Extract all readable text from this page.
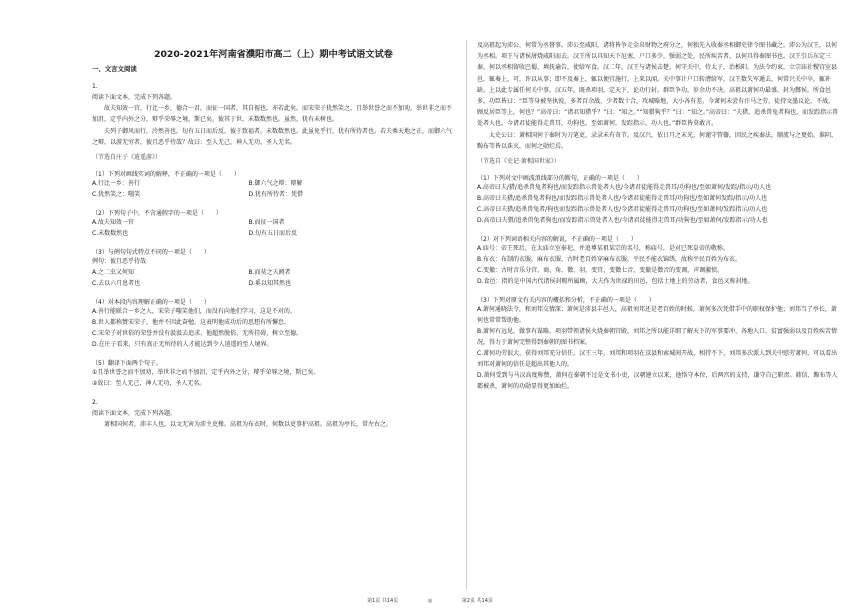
2020-2021年河南省濮阳市高二（上）期中考试语文试卷
一、文言文阅读
1.
阅读下面文本，完成下列各题。

故夫知效一官，行比一乡，德合一君，而征一国者，其自视也，亦若此矣。而宋荣子犹然笑之。且举世誉之而不加劝，举世非之而不加沮，定乎内外之分，辩乎荣辱之境，斯已矣。彼其于世，未数数然也。虽然，犹有未树也。

夫列子御风而行，泠然善也，旬有五日而后反。彼于致福者，未数数然也。此虽免乎行，犹有所待者也。若夫乘天地之正，而御六气之辩，以游无穷者，彼且恶乎待哉？故曰：至人无己，神人无功，圣人无名。

（节选自庄子《逍遥游》）
（1）下列对画线实词的解释，不正确的一项是（　　）
A.行比一乡：善行	B.御六气之辩：辩解
C.犹然笑之：嗤笑	D.犹有所待者：凭借
（2）下列句子中，不含通假字的一项是（　　）
A.故夫知效一官	B.而征一国者
C.未数数然也	D.旬有五日而后反
（3）与例句句式特点不同的一项是（　　）
例句：彼且恶乎待哉
A.之二虫又何知	B.而莫之夭阏者
C.去以六月息者也	D.奚以知其然也
（4）对本段内容理解正确的一项是（　　）
A.善行能联合一乡之人，宋荣子嗤笑他们，而没有向他们学习，这是不对的。
B.世人都称赞宋荣子，他并不因此奋勉，这表明他成功后的思想有所懈怠。
C.宋荣子对世俗的荣誉并没有汲汲去追求，他超然脱俗，无所挂碍，树立至德。
D.在庄子看来，只有真正无所待的人才能达到令人逍遥的至人境界。
（5）翻译下面两个句子。
①且举世誉之而不加劝，举世非之而不加沮，定乎内外之分，辩乎荣辱之境，斯已矣。
②故曰：至人无己，神人无功，圣人无名。
2.
阅读下面文本，完成下列各题。

萧相国何者，沛丰人也，以文无害为沛主吏掾。高祖为布衣时，何数以吏事护高祖。高祖为亭长，常左右之。

及高祖起为沛公，何常为丞督事。沛公至咸阳，诸将皆争走金帛财物之府分之，何独先入收秦丞相御史律令图书藏之。沛公为汉王，以何为丞相。项王与诸侯屠烧咸阳而去。汉王所以具知天下厄塞，户口多少，强弱之处，民所疾苦者，以何具得秦图书也。汉王引兵东定三秦，何以丞相留收巴蜀，填抚谕告，使给军食。汉二年，汉王与诸侯击楚，何守关中，侍太子，治栎阳。为法令约束，立宗庙社稷宫室县邑，辄奏上，可，许以从事；即不及奏上，辄以便宜施行，上来以闻。关中事计户口转漕给军，汉王数失军遁去，何常兴关中卒，辄补缺。上以此专属任何关中事。汉五年，既杀项羽，定天下，论功行封。群臣争功，岁余功不决。高祖以萧何功最盛，封为酂侯，所食邑多。功臣皆曰：“臣等身被坚执锐，多者百余战，少者数十合，攻城略地，大小各有差。今萧何未尝有汗马之劳，徒持文墨议论，不战，顾反居臣等上，何也？”高帝曰：“诸君知猎乎？”曰：“知之。”“知猎狗乎？”曰：“知之。”高帝曰：“夫猎，追杀兽兔者狗也，而发踪指示兽处者人也。今诸君徒能得走兽耳，功狗也。至如萧何，发踪指示，功人也。”群臣皆莫敢言。

太史公曰：萧相国何于秦时为刀笔吏，录录未有奇节。及汉兴，依日月之末光，何谨守管籥，因民之疾秦法，顺流与之更始。淮阴、黥布等皆以诛灭，而何之勋烂焉。

（节选自《史记·萧相国世家》）
（1）下列对文中画波浪线部分的断句，正确的一项是（　　）
A.高帝曰夫/猎/追杀兽兔者狗也/而发踪指示兽处者人也/今诸君徒能得走兽耳/功狗也/至如萧何/发踪/指示/功人也
B.高帝曰夫猎/追杀兽兔者狗也/而发踪指示兽处者人也/今诸君徒能得走兽耳/功狗也/至如萧何发踪/指示/功人也
C.高帝曰夫猎/追杀兽兔者/狗也而发踪指示兽处者人也/今诸君徒能得走兽耳/功狗也/至如萧何/发踪指示/功人也
D.高帝曰夫猎/追杀兽兔者狗也/而发踪指示兽处者人也/今诸君徒能得走兽耳/功狗也/至如萧何/发踪指示/功人也
（2）对下列词语相关内容的解说，不正确的一项是（　　）
A.庙号：帝王死后，在太庙立室奉祀，并追尊某祖某宗的名号，称庙号，是对已死皇帝的敬称。
B.布衣：布制的衣服，麻布衣服，古时老百姓穿麻布衣服，平民不能衣锦绣，故称平民百姓为布衣。
C.变撤：古时音乐分宫、商、角、徵、羽，变宫、变徵七音，变撤是徵音的变调，声调激愤。
D.食邑：指的是中国古代诸侯封赐所属顾，大夫作为世禄的田邑，包括土地上的劳动者，食邑又称封地。
（3）下列对原文有关内容的概括和分析，不正确的一项是（　　）
A.萧何通晓法令，和刘邦交情深；萧何是沛县丰邑人，高祖刘邦还是老百姓的时候，萧何多次凭借手中的职权保护他；刘邦当了亭长，萧何也常常帮助他。
B.萧何有远见，做事有谋略。项羽带领诸侯火烧秦朝宫殿，刘邦之所以能详细了解天下的军事要冲、各地人口、贫富强弱以及百姓疾苦情况，得力于萧何完整得到秦朝的图书档案。
C.萧何功劳很大，获得刘邦充分信任。汉王三年，刘邦和项羽在京县和索城间开战，相持不下，刘邦多次派人到关中慰劳萧何，可以看出刘邦对萧何的信任是超出其他人的。
D.萧何受到与马汉高度称赞，萧何在秦朝不过是文书小吏，汉朝建立以来，他恪守本位，后两宫的支持，谦守自己职责。韩信、黥布等人都被杀，萧何的功勋显得更加灿烂。
第1页 共14页	◎	第2页 共14页
